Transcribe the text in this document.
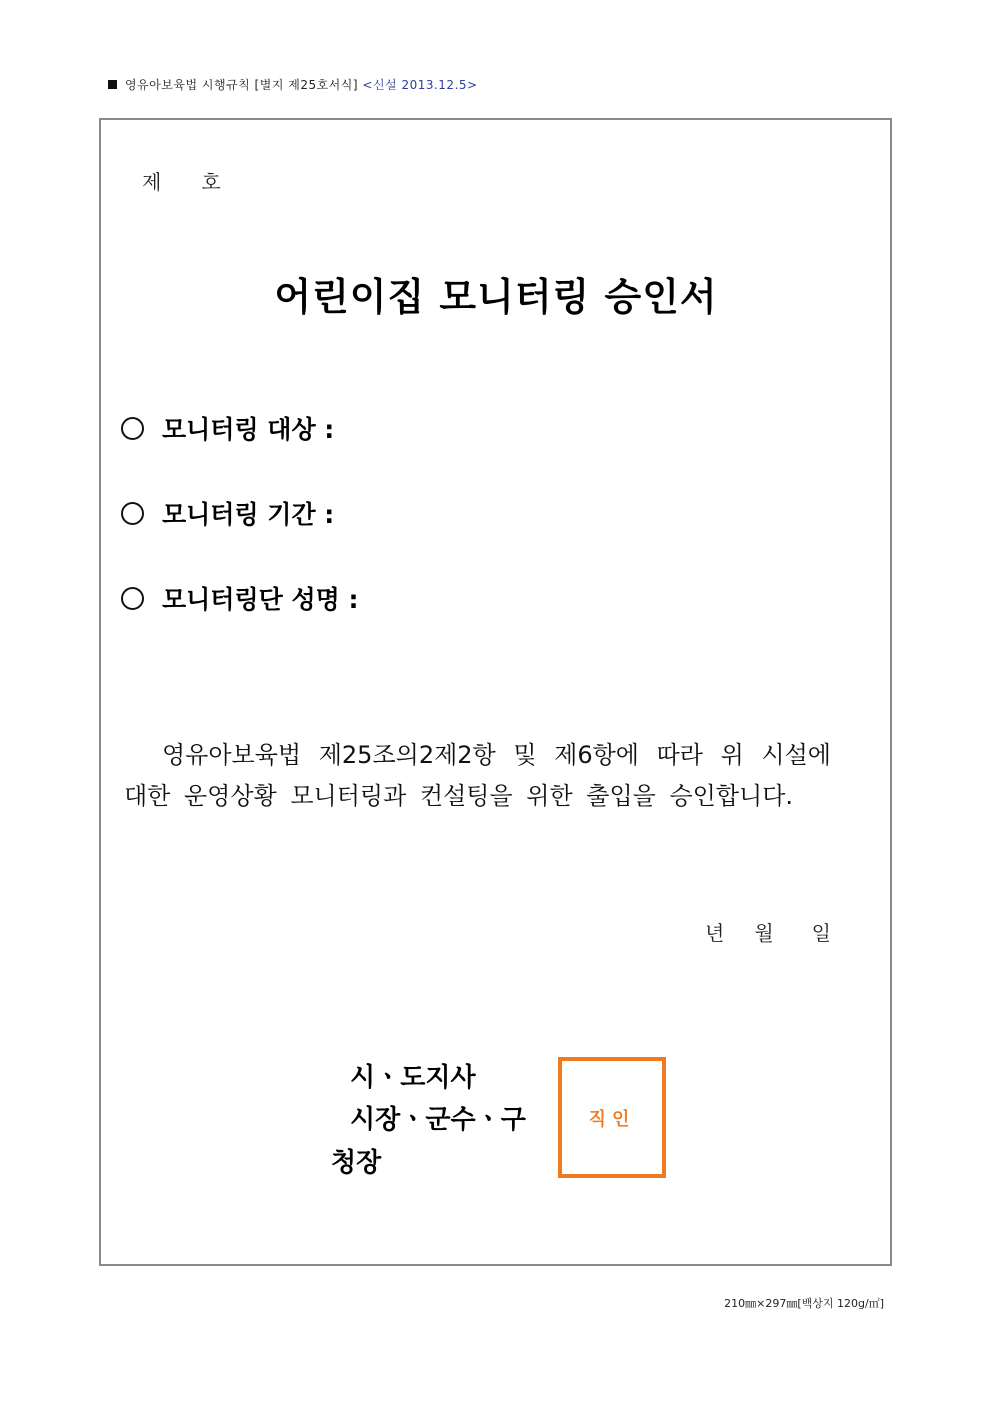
영유아보육법 시행규칙 [별지 제25호서식] <신설 2013.12.5>
제 호
어린이집 모니터링 승인서
모니터링 대상 :
모니터링 기간 :
모니터링단 성명 :
영유아보육법 제25조의2제2항 및 제6항에 따라 위 시설에
대한 운영상황 모니터링과 컨설팅을 위한 출입을 승인합니다.
년 월 일
시ㆍ도지사
시장ㆍ군수ㆍ구
청장
직인
210㎜×297㎜[백상지 120g/㎡]
